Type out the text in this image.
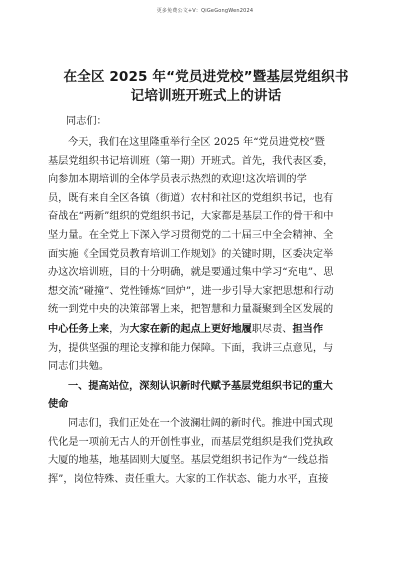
更多免费公文+V：QiGeGongWen2024
在全区 2025 年“党员进党校”暨基层党组织书
记培训班开班式上的讲话
同志们：
今天，我们在这里隆重举行全区 2025 年“党员进党校”暨
基层党组织书记培训班（第一期）开班式。首先，我代表区委，
向参加本期培训的全体学员表示热烈的欢迎!这次培训的学
员，既有来自全区各镇（街道）农村和社区的党组织书记，也有
奋战在“两新”组织的党组织书记，大家都是基层工作的骨干和中
坚力量。在全党上下深入学习贯彻党的二十届三中全会精神、全
面实施《全国党员教育培训工作规划》的关键时期，区委决定举
办这次培训班，目的十分明确，就是要通过集中学习“充电”、思
想交流“碰撞”、党性锤炼“回炉”，进一步引导大家把思想和行动
统一到党中央的决策部署上来，把智慧和力量凝聚到全区发展的
中心任务上来，为大家在新的起点上更好地履职尽责、担当作
为，提供坚强的理论支撑和能力保障。下面，我讲三点意见，与
同志们共勉。
一、提高站位，深刻认识新时代赋予基层党组织书记的重大
使命
同志们，我们正处在一个波澜壮阔的新时代。推进中国式现
代化是一项前无古人的开创性事业，而基层党组织是我们党执政
大厦的地基，地基固则大厦坚。基层党组织书记作为“一线总指
挥”，岗位特殊、责任重大。大家的工作状态、能力水平，直接
